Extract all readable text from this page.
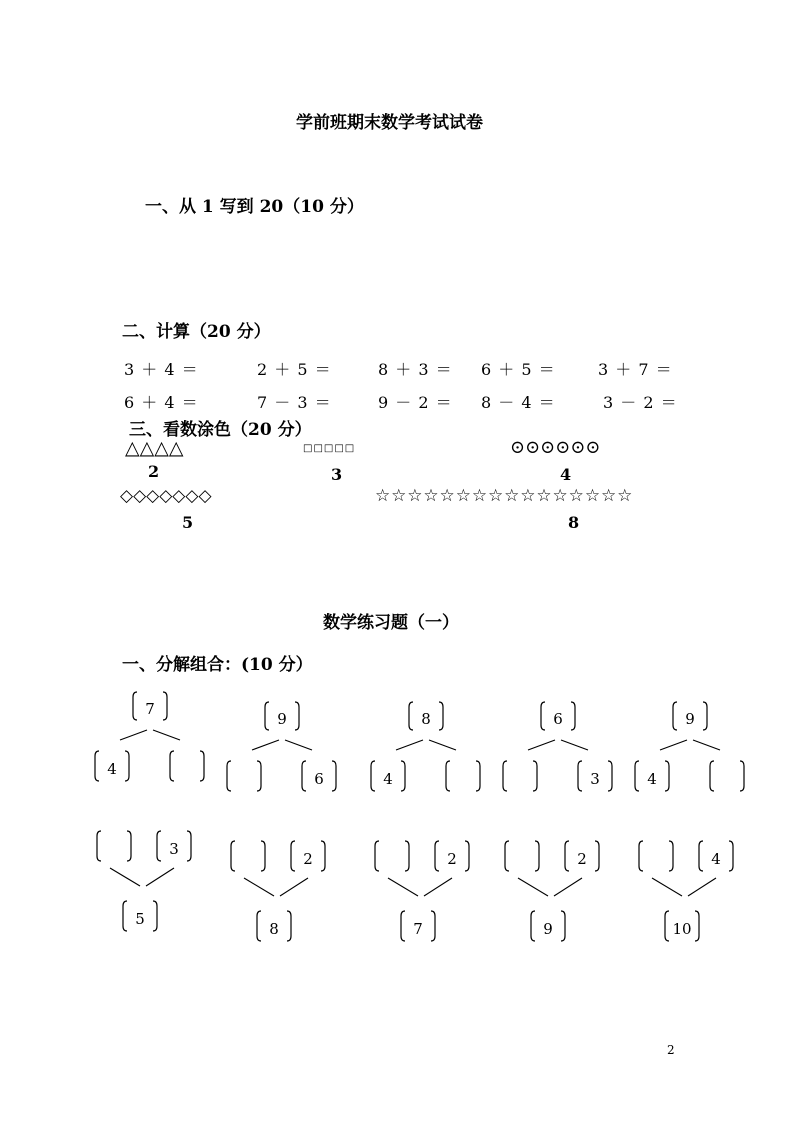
学前班期末数学考试试卷
一、从 1 写到 20（10 分）
二、计算（20 分）
3 ＋ 4 ＝	2 ＋ 5 ＝	8 ＋ 3 ＝ 6 ＋ 5 ＝	3 ＋ 7 ＝
6 ＋ 4 ＝	7 － 3 ＝	9 － 2 ＝ 8 － 4 ＝	3 － 2 ＝
三、看数涂色（20 分）
△△△△
2
□□□□□
3
⊙⊙⊙⊙⊙⊙
4
◇◇◇◇◇◇◇
5
☆☆☆☆☆☆☆☆☆☆☆☆☆☆☆☆
8
数学练习题（一）
一、分解组合：(10 分）
7
4
9
6
8
4
6
3
9
4
3
5
2
8
2
7
2
9
4
10
2
